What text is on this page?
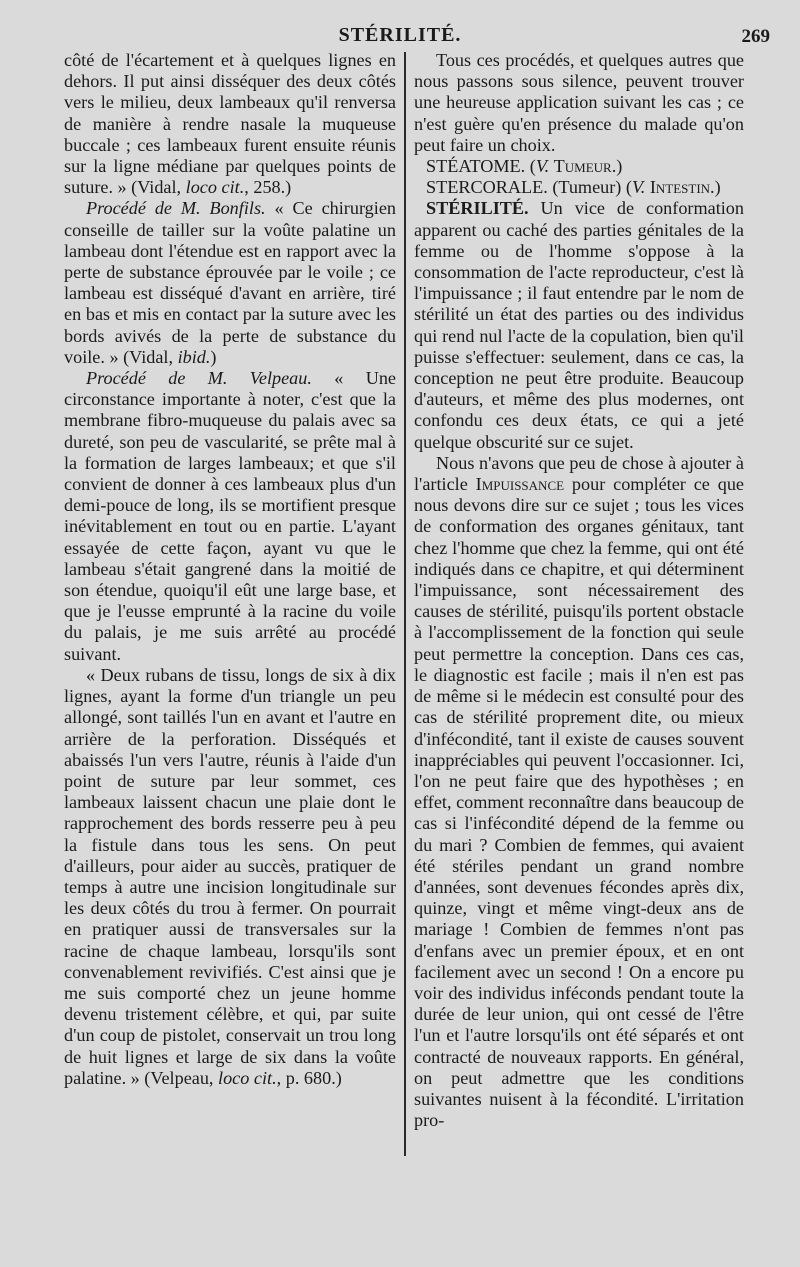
STÉRILITÉ.	269

côté de l'écartement et à quelques lignes en dehors. Il put ainsi disséquer des deux côtés vers le milieu, deux lambeaux qu'il renversa de manière à rendre nasale la muqueuse buccale ; ces lambeaux furent ensuite réunis sur la ligne médiane par quelques points de suture. » (Vidal, loco cit., 258.)

Procédé de M. Bonfils. « Ce chirurgien conseille de tailler sur la voûte palatine un lambeau dont l'étendue est en rapport avec la perte de substance éprouvée par le voile ; ce lambeau est disséqué d'avant en arrière, tiré en bas et mis en contact par la suture avec les bords avivés de la perte de substance du voile. » (Vidal, ibid.)

Procédé de M. Velpeau. « Une circonstance importante à noter, c'est que la membrane fibro-muqueuse du palais avec sa dureté, son peu de vascularité, se prête mal à la formation de larges lambeaux; et que s'il convient de donner à ces lambeaux plus d'un demi-pouce de long, ils se mortifient presque inévitablement en tout ou en partie. L'ayant essayée de cette façon, ayant vu que le lambeau s'était gangrené dans la moitié de son étendue, quoiqu'il eût une large base, et que je l'eusse emprunté à la racine du voile du palais, je me suis arrêté au procédé suivant.

« Deux rubans de tissu, longs de six à dix lignes, ayant la forme d'un triangle un peu allongé, sont taillés l'un en avant et l'autre en arrière de la perforation. Disséqués et abaissés l'un vers l'autre, réunis à l'aide d'un point de suture par leur sommet, ces lambeaux laissent chacun une plaie dont le rapprochement des bords resserre peu à peu la fistule dans tous les sens. On peut d'ailleurs, pour aider au succès, pratiquer de temps à autre une incision longitudinale sur les deux côtés du trou à fermer. On pourrait en pratiquer aussi de transversales sur la racine de chaque lambeau, lorsqu'ils sont convenablement revivifiés. C'est ainsi que je me suis comporté chez un jeune homme devenu tristement célèbre, et qui, par suite d'un coup de pistolet, conservait un trou long de huit lignes et large de six dans la voûte palatine. » (Velpeau, loco cit., p. 680.)

Tous ces procédés, et quelques autres que nous passons sous silence, peuvent trouver une heureuse application suivant les cas ; ce n'est guère qu'en présence du malade qu'on peut faire un choix.

STÉATOME. (V. Tumeur.)

STERCORALE. (Tumeur) (V. Intestin.)

STÉRILITÉ. Un vice de conformation apparent ou caché des parties génitales de la femme ou de l'homme s'oppose à la consommation de l'acte reproducteur, c'est là l'impuissance ; il faut entendre par le nom de stérilité un état des parties ou des individus qui rend nul l'acte de la copulation, bien qu'il puisse s'effectuer: seulement, dans ce cas, la conception ne peut être produite. Beaucoup d'auteurs, et même des plus modernes, ont confondu ces deux états, ce qui a jeté quelque obscurité sur ce sujet.

Nous n'avons que peu de chose à ajouter à l'article Impuissance pour compléter ce que nous devons dire sur ce sujet ; tous les vices de conformation des organes génitaux, tant chez l'homme que chez la femme, qui ont été indiqués dans ce chapitre, et qui déterminent l'impuissance, sont nécessairement des causes de stérilité, puisqu'ils portent obstacle à l'accomplissement de la fonction qui seule peut permettre la conception. Dans ces cas, le diagnostic est facile ; mais il n'en est pas de même si le médecin est consulté pour des cas de stérilité proprement dite, ou mieux d'infécondité, tant il existe de causes souvent inappréciables qui peuvent l'occasionner. Ici, l'on ne peut faire que des hypothèses ; en effet, comment reconnaître dans beaucoup de cas si l'infécondité dépend de la femme ou du mari ? Combien de femmes, qui avaient été stériles pendant un grand nombre d'années, sont devenues fécondes après dix, quinze, vingt et même vingt-deux ans de mariage ! Combien de femmes n'ont pas d'enfans avec un premier époux, et en ont facilement avec un second ! On a encore pu voir des individus inféconds pendant toute la durée de leur union, qui ont cessé de l'être l'un et l'autre lorsqu'ils ont été séparés et ont contracté de nouveaux rapports. En général, on peut admettre que les conditions suivantes nuisent à la fécondité. L'irritation pro-
